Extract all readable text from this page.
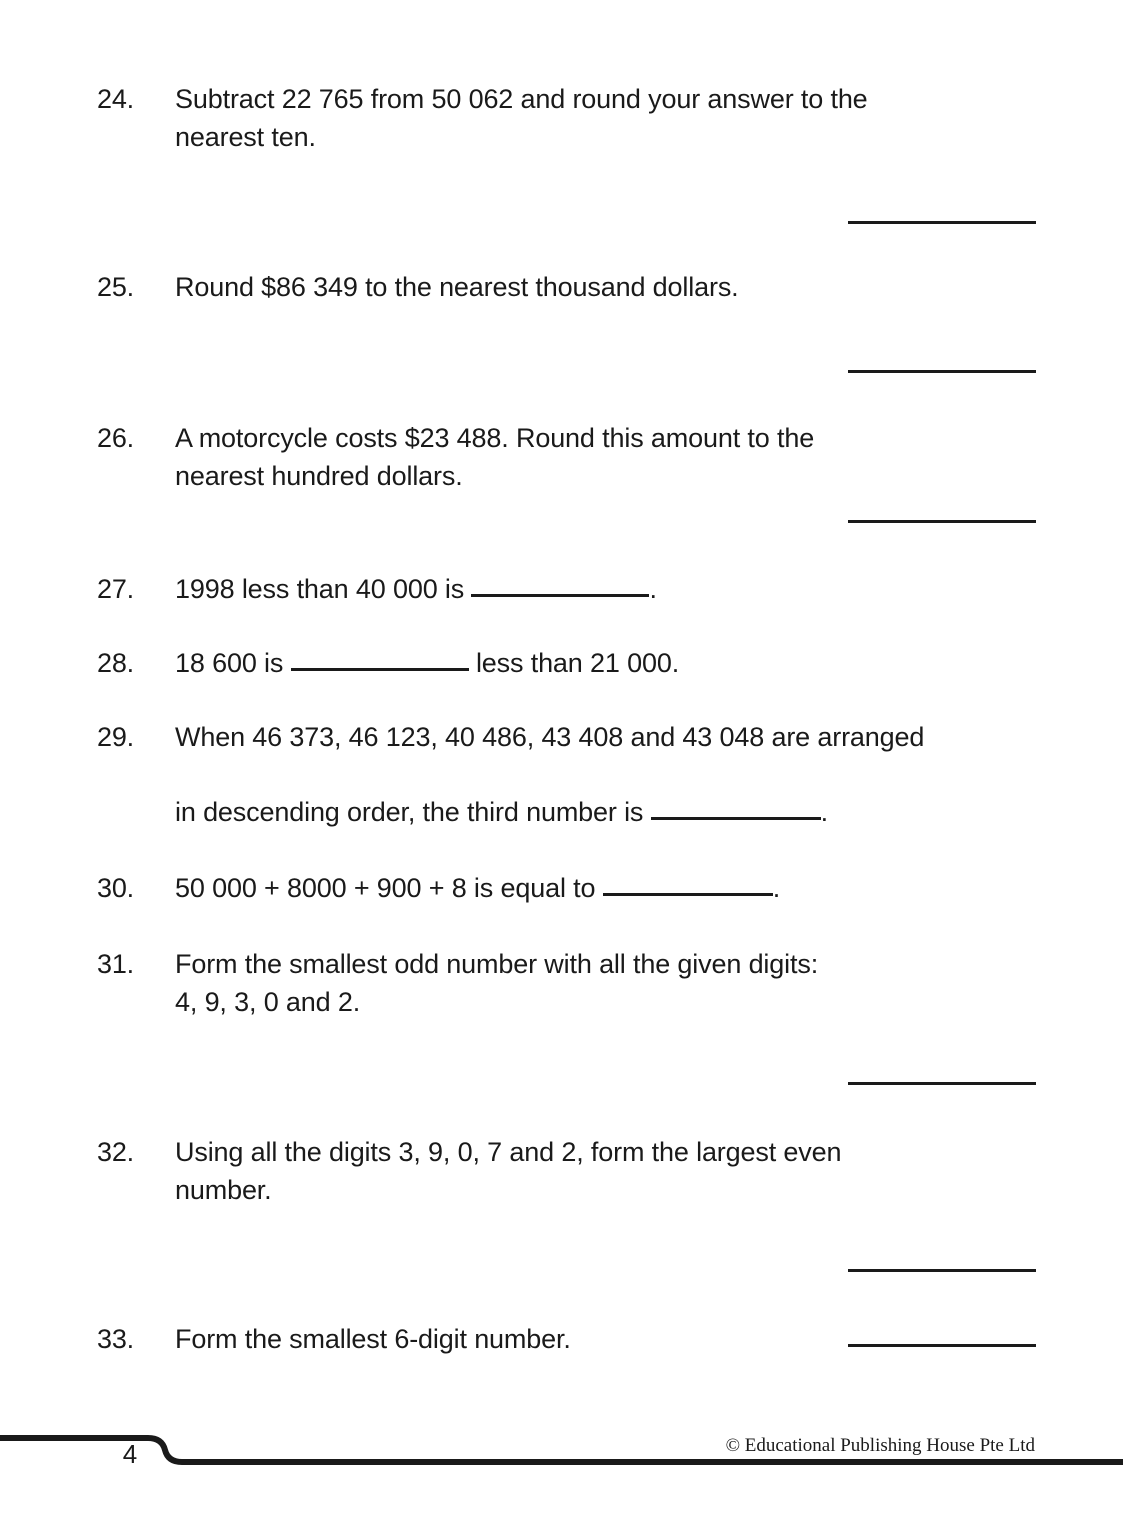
24.	Subtract 22 765 from 50 062 and round your answer to the

nearest ten.

25.	Round $86 349 to the nearest thousand dollars.

26.	A motorcycle costs $23 488. Round this amount to the

nearest hundred dollars.

27.	1998 less than 40 000 is	.

28.	18 600 is	less than 21 000.

29.	When 46 373, 46 123, 40 486, 43 408 and 43 048 are arranged

in descending order, the third number is	.

30.	50 000 + 8000 + 900 + 8 is equal to	.

31.	Form the smallest odd number with all the given digits:

4, 9, 3, 0 and 2.

32.	Using all the digits 3, 9, 0, 7 and 2, form the largest even

number.

33.	Form the smallest 6-digit number.

4	© Educational Publishing House Pte Ltd
